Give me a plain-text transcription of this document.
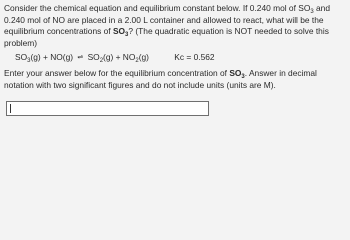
Consider the chemical equation and equilibrium constant below. If 0.240 mol of $SO_3$ and 0.240 mol of NO are placed in a 2.00 L container and allowed to react, what will be the equilibrium concentrations of $SO_3$? (The quadratic equation is NOT needed to solve this problem)

$SO_3(g) + NO(g)$ ⇌ $SO_2(g) + NO_2(g)$	Kc = 0.562

Enter your answer below for the equilibrium concentration of $SO_3$. Answer in decimal notation with two significant figures and do not include units (units are M).
